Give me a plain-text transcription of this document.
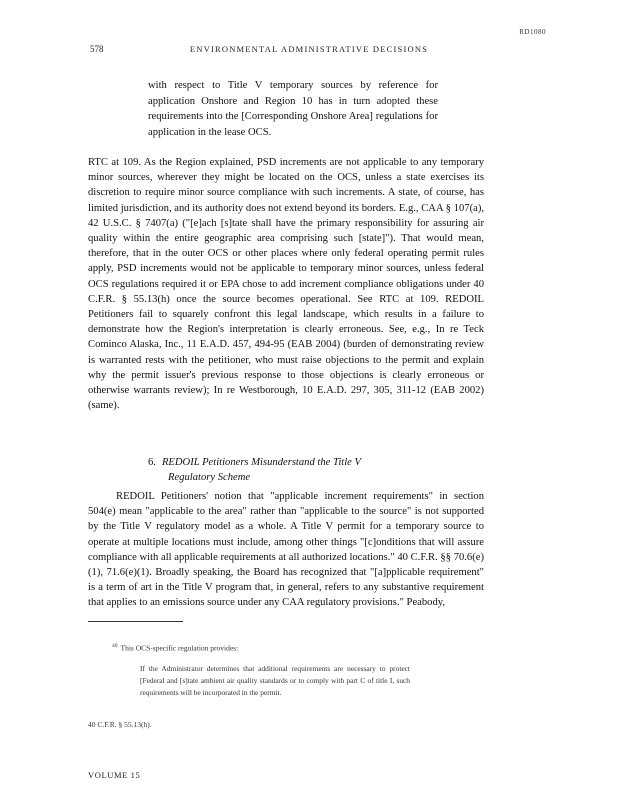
RD1080
578	ENVIRONMENTAL ADMINISTRATIVE DECISIONS

with respect to Title V temporary sources by reference for application Onshore and Region 10 has in turn adopted these requirements into the [Corresponding Onshore Area] regulations for application in the lease OCS.

RTC at 109. As the Region explained, PSD increments are not applicable to any temporary minor sources, wherever they might be located on the OCS, unless a state exercises its discretion to require minor source compliance with such increments. A state, of course, has limited jurisdiction, and its authority does not extend beyond its borders. E.g., CAA § 107(a), 42 U.S.C. § 7407(a) ("[e]ach [s]tate shall have the primary responsibility for assuring air quality within the entire geographic area comprising such [state]"). That would mean, therefore, that in the outer OCS or other places where only federal operating permit rules apply, PSD increments would not be applicable to temporary minor sources, unless federal OCS regulations required it or EPA chose to add increment compliance obligations under 40 C.F.R. § 55.13(h) once the source becomes operational. See RTC at 109. REDOIL Petitioners fail to squarely confront this legal landscape, which results in a failure to demonstrate how the Region's interpretation is clearly erroneous. See, e.g., In re Teck Cominco Alaska, Inc., 11 E.A.D. 457, 494-95 (EAB 2004) (burden of demonstrating review is warranted rests with the petitioner, who must raise objections to the permit and explain why the permit issuer's previous response to those objections is clearly erroneous or otherwise warrants review); In re Westborough, 10 E.A.D. 297, 305, 311-12 (EAB 2002) (same).

6. REDOIL Petitioners Misunderstand the Title V
Regulatory Scheme

REDOIL Petitioners' notion that "applicable increment requirements" in section 504(e) mean "applicable to the area" rather than "applicable to the source" is not supported by the Title V regulatory model as a whole. A Title V permit for a temporary source to operate at multiple locations must include, among other things "[c]onditions that will assure compliance with all applicable requirements at all authorized locations." 40 C.F.R. §§ 70.6(e)(1), 71.6(e)(1). Broadly speaking, the Board has recognized that "[a]pplicable requirement" is a term of art in the Title V program that, in general, refers to any substantive requirement that applies to an emissions source under any CAA regulatory provisions." Peabody,

$^{40}$ This OCS-specific regulation provides:

If the Administrator determines that additional requirements are necessary to protect [Federal and [s]tate ambient air quality standards or to comply with part C of title I, such requirements will be incorporated in the permit.

40 C.F.R. § 55.13(h).
VOLUME 15
